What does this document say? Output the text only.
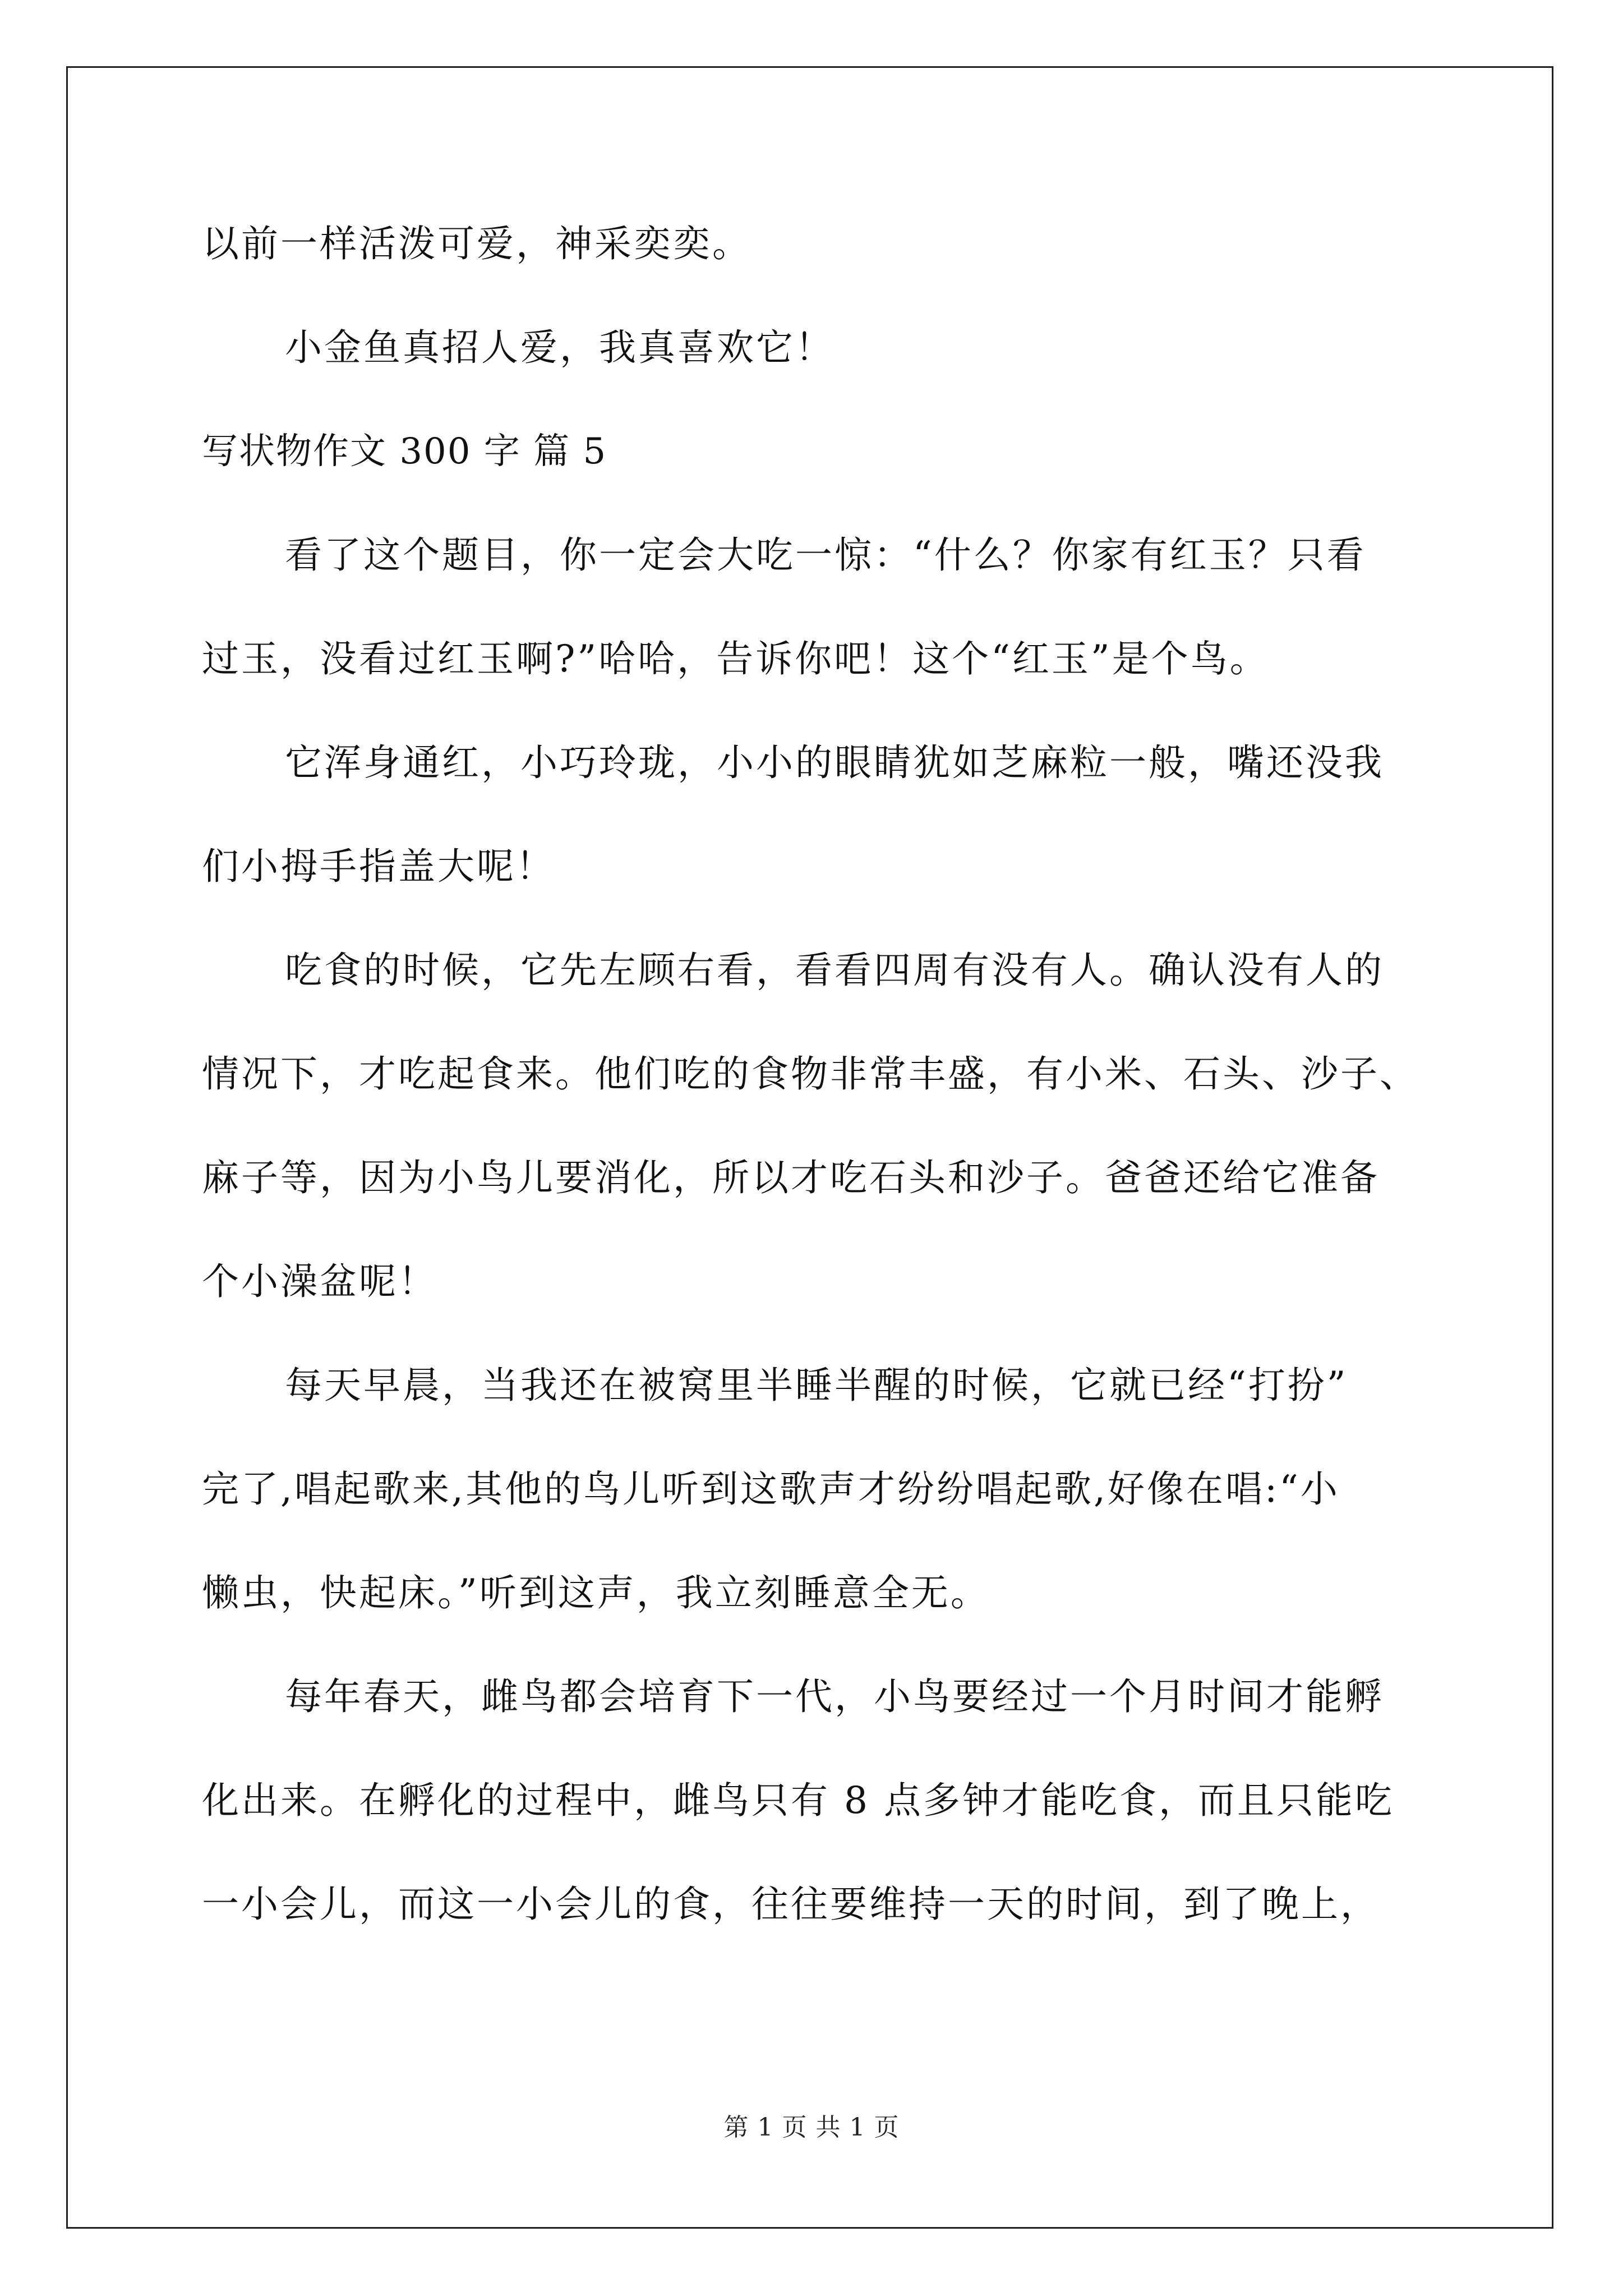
以前一样活泼可爱，神采奕奕。
小金鱼真招人爱，我真喜欢它！
写状物作文 300 字 篇 5
看了这个题目，你一定会大吃一惊：“什么？你家有红玉？只看
过玉，没看过红玉啊?”哈哈，告诉你吧！这个“红玉”是个鸟。
它浑身通红，小巧玲珑，小小的眼睛犹如芝麻粒一般，嘴还没我
们小拇手指盖大呢！
吃食的时候，它先左顾右看，看看四周有没有人。确认没有人的
情况下，才吃起食来。他们吃的食物非常丰盛，有小米、石头、沙子、
麻子等，因为小鸟儿要消化，所以才吃石头和沙子。爸爸还给它准备
个小澡盆呢！
每天早晨，当我还在被窝里半睡半醒的时候，它就已经“打扮”
完了,唱起歌来,其他的鸟儿听到这歌声才纷纷唱起歌,好像在唱:“小
懒虫，快起床。”听到这声，我立刻睡意全无。
每年春天，雌鸟都会培育下一代，小鸟要经过一个月时间才能孵
化出来。在孵化的过程中，雌鸟只有 8 点多钟才能吃食，而且只能吃
一小会儿，而这一小会儿的食，往往要维持一天的时间，到了晚上，
第 1 页 共 1 页
